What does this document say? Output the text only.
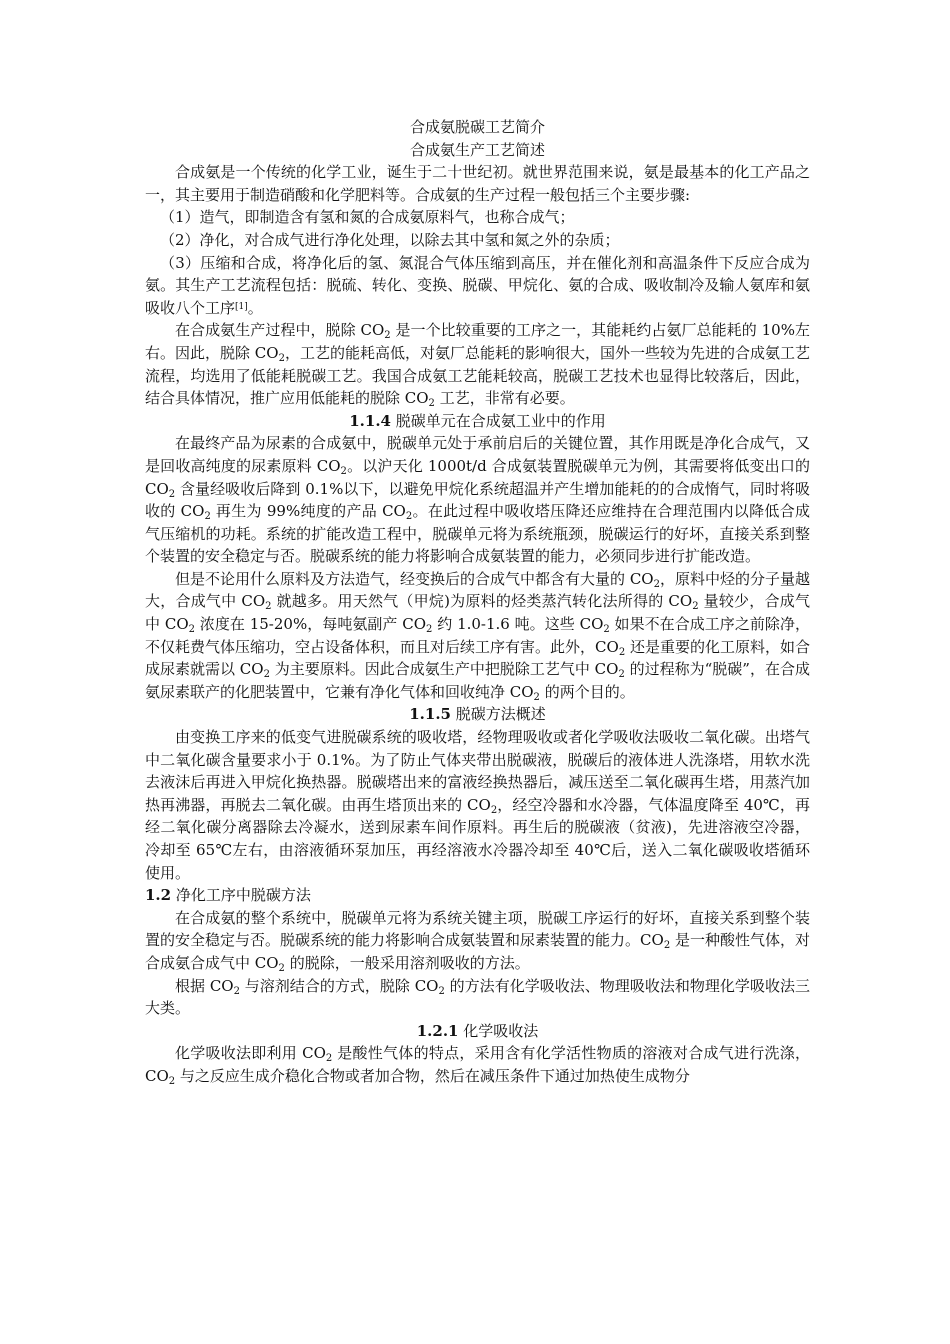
合成氨脱碳工艺简介

合成氨生产工艺简述

合成氨是一个传统的化学工业，诞生于二十世纪初。就世界范围来说，氨是最基本的化工产品之一，其主要用于制造硝酸和化学肥料等。合成氨的生产过程一般包括三个主要步骤:

（1）造气，即制造含有氢和氮的合成氨原料气，也称合成气；

（2）净化，对合成气进行净化处理，以除去其中氢和氮之外的杂质；

（3）压缩和合成，将净化后的氢、氮混合气体压缩到高压，并在催化剂和高温条件下反应合成为氨。其生产工艺流程包括：脱硫、转化、变换、脱碳、甲烷化、氨的合成、吸收制冷及输人氨库和氨吸收八个工序[1]。

在合成氨生产过程中，脱除 $CO_2$ 是一个比较重要的工序之一，其能耗约占氨厂总能耗的 10%左右。因此，脱除 $CO_2$，工艺的能耗高低，对氨厂总能耗的影响很大，国外一些较为先进的合成氨工艺流程，均选用了低能耗脱碳工艺。我国合成氨工艺能耗较高，脱碳工艺技术也显得比较落后，因此，结合具体情况，推广应用低能耗的脱除 $CO_2$ 工艺，非常有必要。

1.1.4 脱碳单元在合成氨工业中的作用

在最终产品为尿素的合成氨中，脱碳单元处于承前启后的关键位置，其作用既是净化合成气，又是回收高纯度的尿素原料 $CO_2$。以沪天化 1000t/d 合成氨装置脱碳单元为例，其需要将低变出口的 $CO_2$ 含量经吸收后降到 0.1%以下，以避免甲烷化系统超温并产生增加能耗的的合成惰气，同时将吸收的 $CO_2$ 再生为 99%纯度的产品 $CO_2$。在此过程中吸收塔压降还应维持在合理范围内以降低合成气压缩机的功耗。系统的扩能改造工程中，脱碳单元将为系统瓶颈，脱碳运行的好坏，直接关系到整个装置的安全稳定与否。脱碳系统的能力将影响合成氨装置的能力，必须同步进行扩能改造。

但是不论用什么原料及方法造气，经变换后的合成气中都含有大量的 $CO_2$，原料中烃的分子量越大，合成气中 $CO_2$ 就越多。用天然气（甲烷)为原料的烃类蒸汽转化法所得的 $CO_2$ 量较少，合成气中 $CO_2$ 浓度在 15-20%，每吨氨副产 $CO_2$ 约 1.0-1.6 吨。这些 $CO_2$ 如果不在合成工序之前除净，不仅耗费气体压缩功，空占设备体积，而且对后续工序有害。此外，$CO_2$ 还是重要的化工原料，如合成尿素就需以 $CO_2$ 为主要原料。因此合成氨生产中把脱除工艺气中 $CO_2$ 的过程称为“脱碳”，在合成氨尿素联产的化肥装置中，它兼有净化气体和回收纯净 $CO_2$ 的两个目的。

1.1.5 脱碳方法概述

由变换工序来的低变气进脱碳系统的吸收塔，经物理吸收或者化学吸收法吸收二氧化碳。出塔气中二氧化碳含量要求小于 0.1%。为了防止气体夹带出脱碳液，脱碳后的液体进人洗涤塔，用软水洗去液沫后再进入甲烷化换热器。脱碳塔出来的富液经换热器后，减压送至二氧化碳再生塔，用蒸汽加热再沸器，再脱去二氧化碳。由再生塔顶出来的 $CO_2$，经空冷器和水冷器，气体温度降至 40℃，再经二氧化碳分离器除去冷凝水，送到尿素车间作原料。再生后的脱碳液（贫液)，先进溶液空冷器，冷却至 65℃左右，由溶液循环泵加压，再经溶液水冷器冷却至 40℃后，送入二氧化碳吸收塔循环使用。

1.2 净化工序中脱碳方法

在合成氨的整个系统中，脱碳单元将为系统关键主项，脱碳工序运行的好坏，直接关系到整个装置的安全稳定与否。脱碳系统的能力将影响合成氨装置和尿素装置的能力。$CO_2$ 是一种酸性气体，对合成氨合成气中 $CO_2$ 的脱除，一般采用溶剂吸收的方法。

根据 $CO_2$ 与溶剂结合的方式，脱除 $CO_2$ 的方法有化学吸收法、物理吸收法和物理化学吸收法三大类。

1.2.1 化学吸收法

化学吸收法即利用 $CO_2$ 是酸性气体的特点，采用含有化学活性物质的溶液对合成气进行洗涤，$CO_2$ 与之反应生成介稳化合物或者加合物，然后在减压条件下通过加热使生成物分
